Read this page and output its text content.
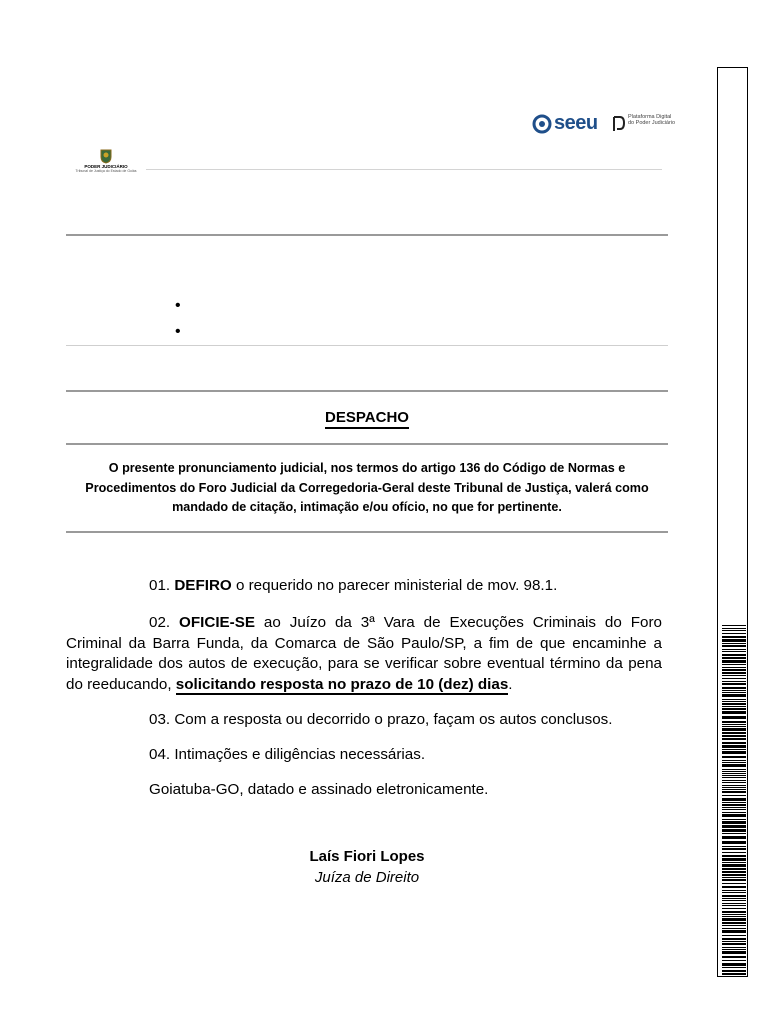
seeu	Plataforma Digital do Poder Judiciário
PODER JUDICIÁRIO
Tribunal de Justiça do Estado de Goiás
•
•
DESPACHO
O presente pronunciamento judicial, nos termos do artigo 136 do Código de Normas e Procedimentos do Foro Judicial da Corregedoria-Geral deste Tribunal de Justiça, valerá como mandado de citação, intimação e/ou ofício, no que for pertinente.
01. DEFIRO o requerido no parecer ministerial de mov. 98.1.
02. OFICIE-SE ao Juízo da 3ª Vara de Execuções Criminais do Foro Criminal da Barra Funda, da Comarca de São Paulo/SP, a fim de que encaminhe a integralidade dos autos de execução, para se verificar sobre eventual término da pena do reeducando, solicitando resposta no prazo de 10 (dez) dias.
03. Com a resposta ou decorrido o prazo, façam os autos conclusos.
04. Intimações e diligências necessárias.
Goiatuba-GO, datado e assinado eletronicamente.
Laís Fiori Lopes
Juíza de Direito
